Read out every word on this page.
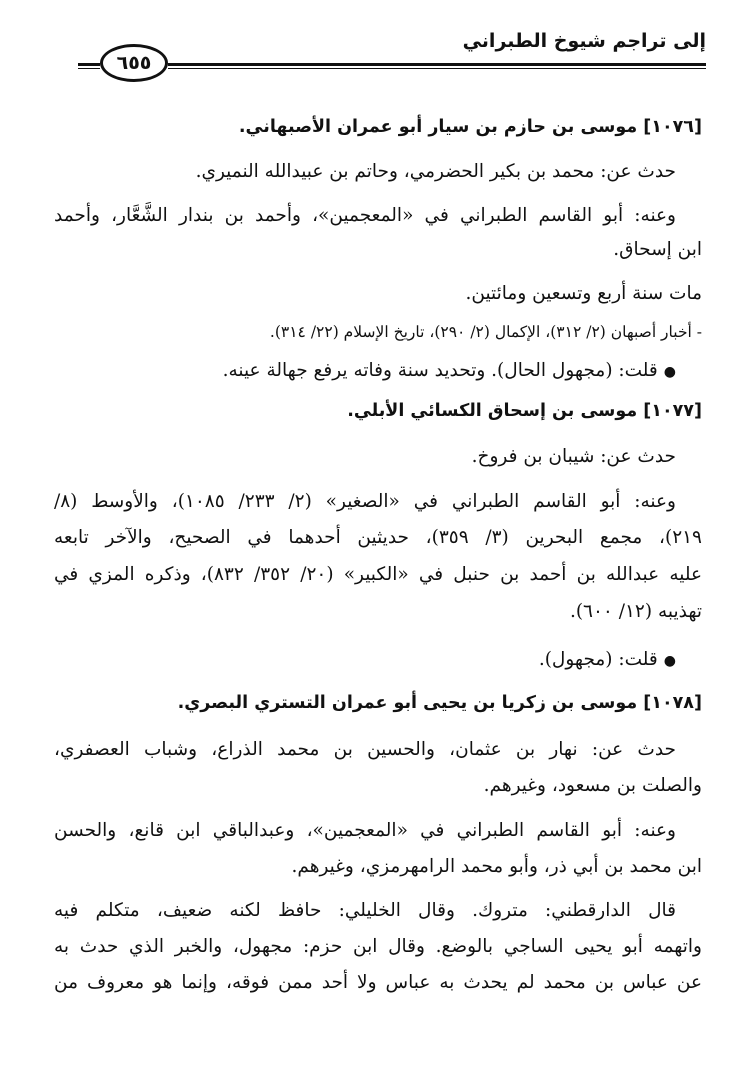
إلى تراجم شيوخ الطبراني
٦٥٥
[١٠٧٦] موسى بن حازم بن سيار أبو عمران الأصبهاني.
حدث عن: محمد بن بكير الحضرمي، وحاتم بن عبيدالله النميري.
وعنه: أبو القاسم الطبراني في «المعجمين»، وأحمد بن بندار الشَّعَّار، وأحمد
ابن إسحاق.
مات سنة أربع وتسعين ومائتين.
- أخبار أصبهان (٢/ ٣١٢)، الإكمال (٢/ ٢٩٠)، تاريخ الإسلام (٢٢/ ٣١٤).
●قلت: (مجهول الحال). وتحديد سنة وفاته يرفع جهالة عينه.
[١٠٧٧] موسى بن إسحاق الكسائي الأبلي.
حدث عن: شيبان بن فروخ.
وعنه: أبو القاسم الطبراني في «الصغير» (٢/ ٢٣٣/ ١٠٨٥)، والأوسط (٨/
٢١٩)، مجمع البحرين (٣/ ٣٥٩)، حديثين أحدهما في الصحيح، والآخر تابعه
عليه عبدالله بن أحمد بن حنبل في «الكبير» (٢٠/ ٣٥٢/ ٨٣٢)، وذكره المزي في
تهذيبه (١٢/ ٦٠٠).
●قلت: (مجهول).
[١٠٧٨] موسى بن زكريا بن يحيى أبو عمران التستري البصري.
حدث عن: نهار بن عثمان، والحسين بن محمد الذراع، وشباب العصفري،
والصلت بن مسعود، وغيرهم.
وعنه: أبو القاسم الطبراني في «المعجمين»، وعبدالباقي ابن قانع، والحسن
ابن محمد بن أبي ذر، وأبو محمد الرامهرمزي، وغيرهم.
قال الدارقطني: متروك. وقال الخليلي: حافظ لكنه ضعيف، متكلم فيه
واتهمه أبو يحيى الساجي بالوضع. وقال ابن حزم: مجهول، والخبر الذي حدث به
عن عباس بن محمد لم يحدث به عباس ولا أحد ممن فوقه، وإنما هو معروف من
